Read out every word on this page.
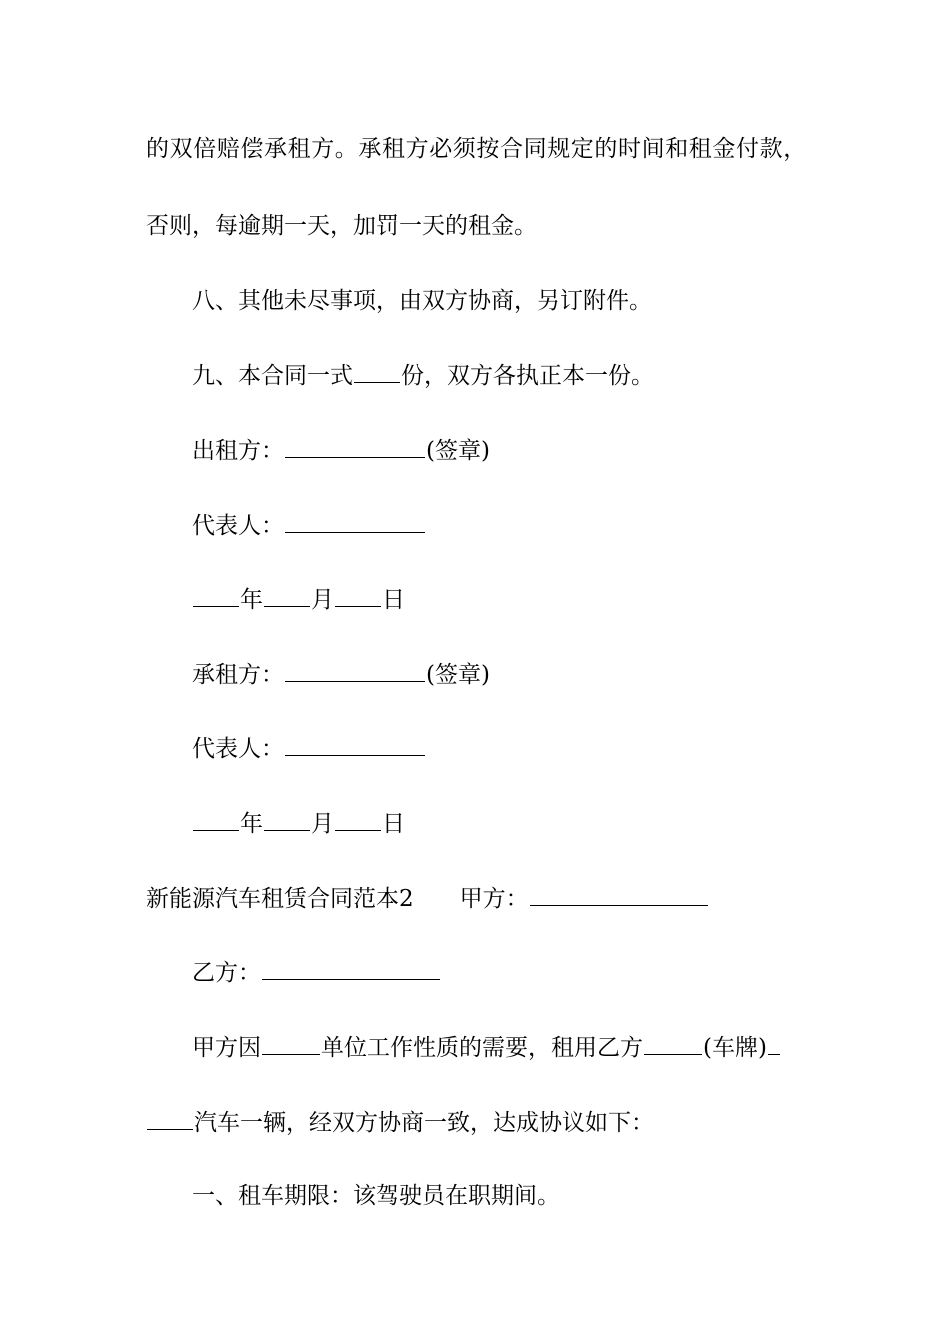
的双倍赔偿承租方。承租方必须按合同规定的时间和租金付款，
否则，每逾期一天，加罚一天的租金。
八、其他未尽事项，由双方协商，另订附件。
九、本合同一式 份，双方各执正本一份。
出租方：	(签章)
代表人：
年 月 日
承租方：	(签章)
代表人：
年 月 日
新能源汽车租赁合同范本2 甲方：
乙方：
甲方因	单位工作性质的需要，租用乙方	(车牌)
汽车一辆，经双方协商一致，达成协议如下：
一、租车期限：该驾驶员在职期间。
